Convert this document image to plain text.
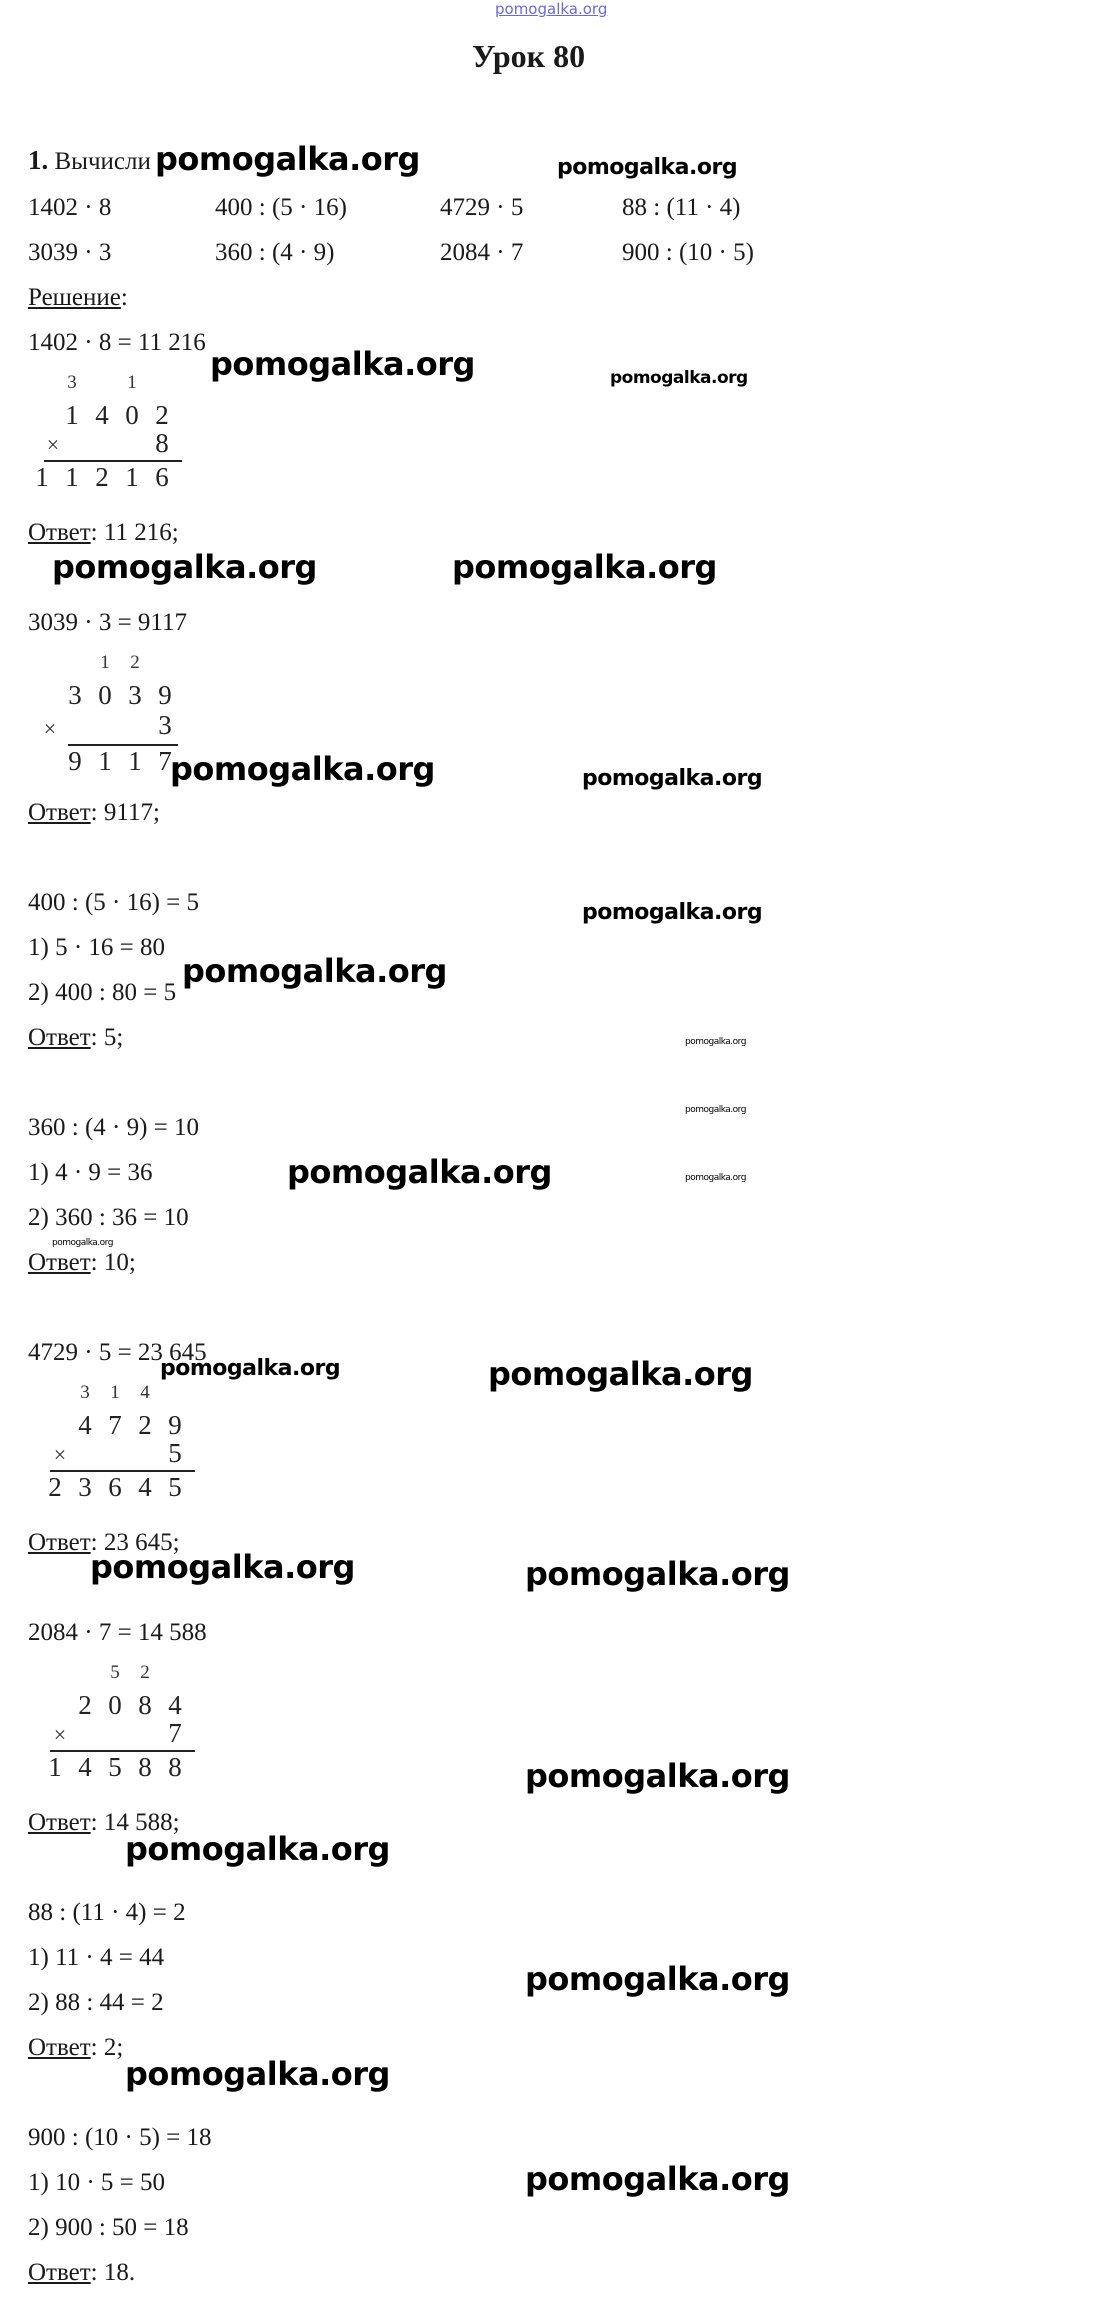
pomogalka.org
Урок 80
1. Вычисли
1402 · 8	400 : (5 · 16)	4729 · 5	88 : (11 · 4)
3039 · 3	360 : (4 · 9)	2084 · 7	900 : (10 · 5)
Решение:
1402 · 8 = 11 216
3	1
1 4 0 2
×	8
1 1 2 1 6
Ответ: 11 216;
3039 · 3 = 9117
1	2
3 0 3 9
×	3
9 1 1 7
Ответ: 9117;
400 : (5 · 16) = 5
1) 5 · 16 = 80
2) 400 : 80 = 5
Ответ: 5;
360 : (4 · 9) = 10
1) 4 · 9 = 36
2) 360 : 36 = 10
Ответ: 10;
4729 · 5 = 23 645
3	1	4
4 7 2 9
×	5
2 3 6 4 5
Ответ: 23 645;
2084 · 7 = 14 588
5	2
2 0 8 4
×	7
1 4 5 8 8
Ответ: 14 588;
88 : (11 · 4) = 2
1) 11 · 4 = 44
2) 88 : 44 = 2
Ответ: 2;
900 : (10 · 5) = 18
1) 10 · 5 = 50
2) 900 : 50 = 18
Ответ: 18.
pomogalka.org	pomogalka.org
pomogalka.org	pomogalka.org
pomogalka.org	pomogalka.org
pomogalka.org	pomogalka.org
pomogalka.org
pomogalka.org
pomogalka.org
pomogalka.org
pomogalka.org	pomogalka.org
pomogalka.org
pomogalka.org	pomogalka.org
pomogalka.org	pomogalka.org
pomogalka.org
pomogalka.org
pomogalka.org
pomogalka.org
pomogalka.org
